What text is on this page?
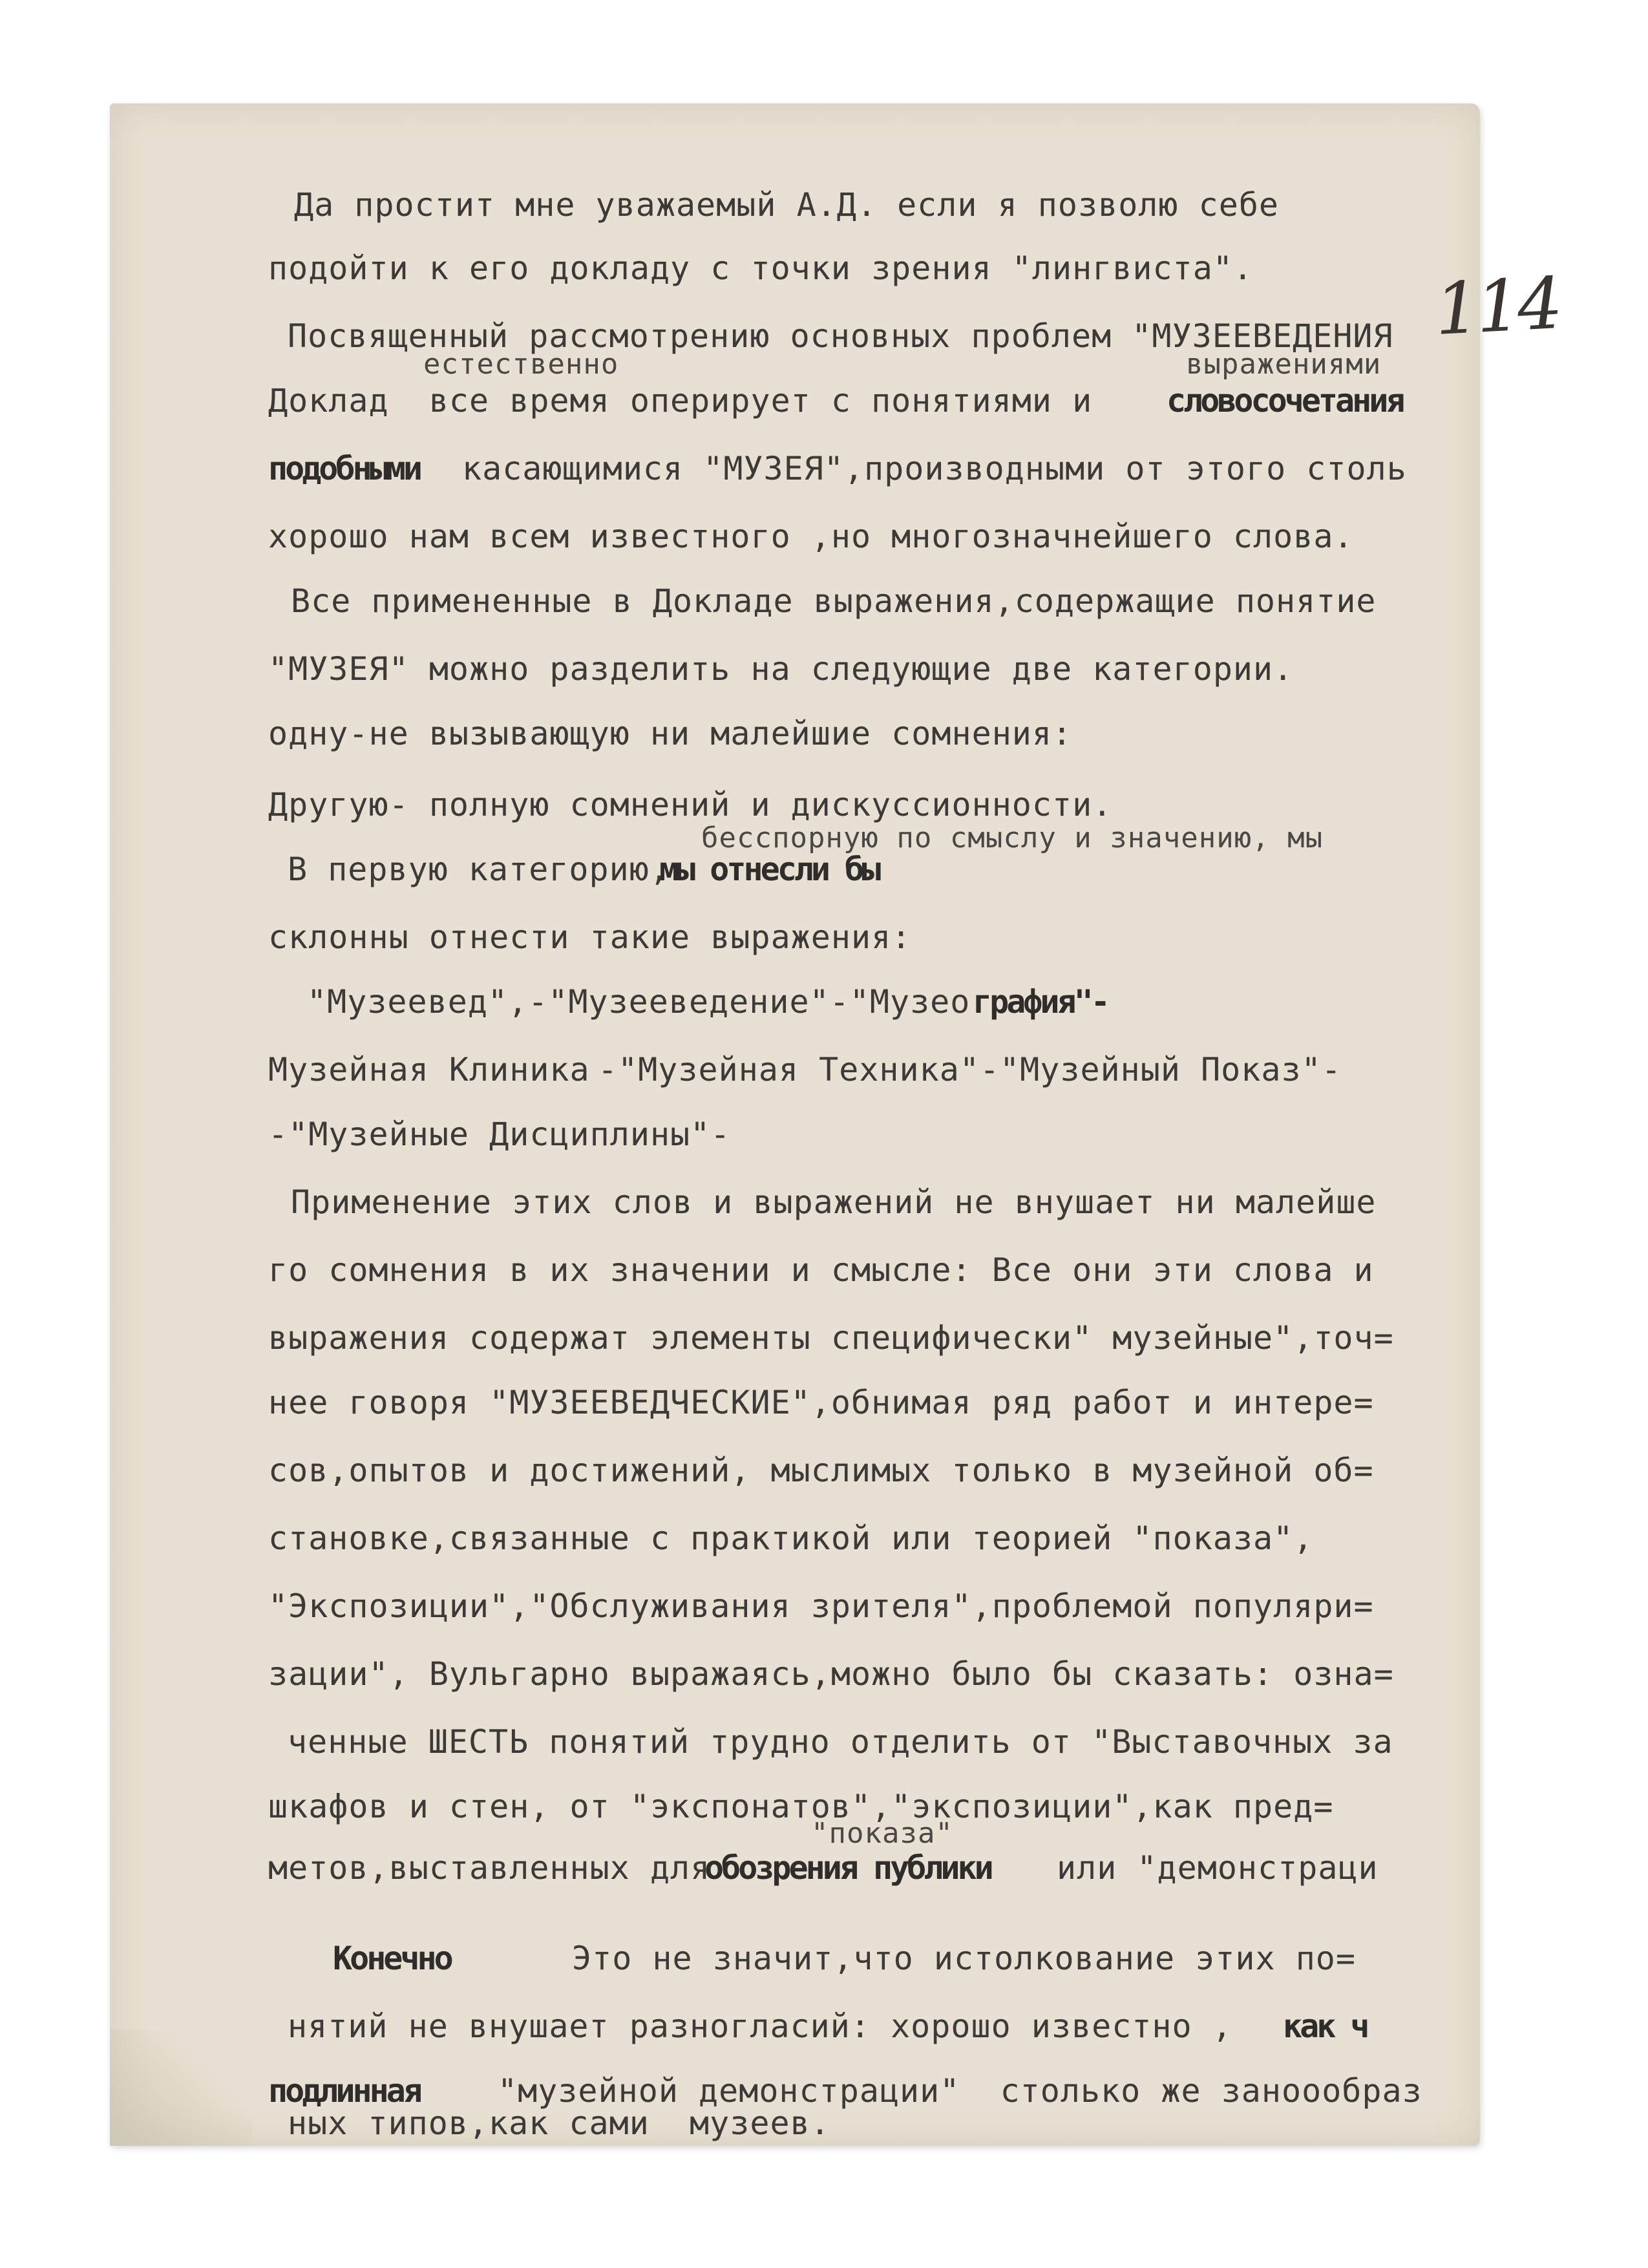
114
Да простит мне уважаемый А.Д. если я позволю себе
подойти к его докладу с точки зрения "лингвиста".
Посвященный рассмотрению основных проблем "МУЗЕЕВЕДЕНИЯ
естественно	выражениями
Доклад  все время оперирует с понятиями и словосочетания
подобными касающимися "МУЗЕЯ",производными от этого столь
хорошо нам всем известного ,но многозначнейшего слова.
Все примененные в Докладе выражения,содержащие понятие
"МУЗЕЯ" можно разделить на следующие две категории.
одну-не вызывающую ни малейшие сомнения:
Другую- полную сомнений и дискуссионности.
бесспорную по смыслу и значению, мы
В первую категорию,
мы отнесли бы
склонны отнести такие выражения:
"Музеевед",-"Музееведение"-"Музео графия"-
Музейная Клиника -"Музейная Техника"-"Музейный Показ"-
-"Музейные Дисциплины"-
Применение этих слов и выражений не внушает ни малейше
го сомнения в их значении и смысле: Все они эти слова и
выражения содержат элементы специфически" музейные",точ=
нее говоря "МУЗЕЕВЕДЧЕСКИЕ",обнимая ряд работ и интере=
сов,опытов и достижений, мыслимых только в музейной об=
становке,связанные с практикой или теорией "показа",
"Экспозиции","Обслуживания зрителя",проблемой популяри=
зации", Вульгарно выражаясь,можно было бы сказать: озна=
ченные ШЕСТЬ понятий трудно отделить от "Выставочных за
шкафов и стен, от "экспонатов","экспозиции",как пред=
"показа"
метов,выставленных для
обозрения публики или "демонстраци
Конечно	Это не значит,что истолкование этих по=
нятий не внушает разногласий: хорошо известно , как ч
подлинная "музейной демонстрации"  столько же заноообраз
ных типов,как сами  музеев.
